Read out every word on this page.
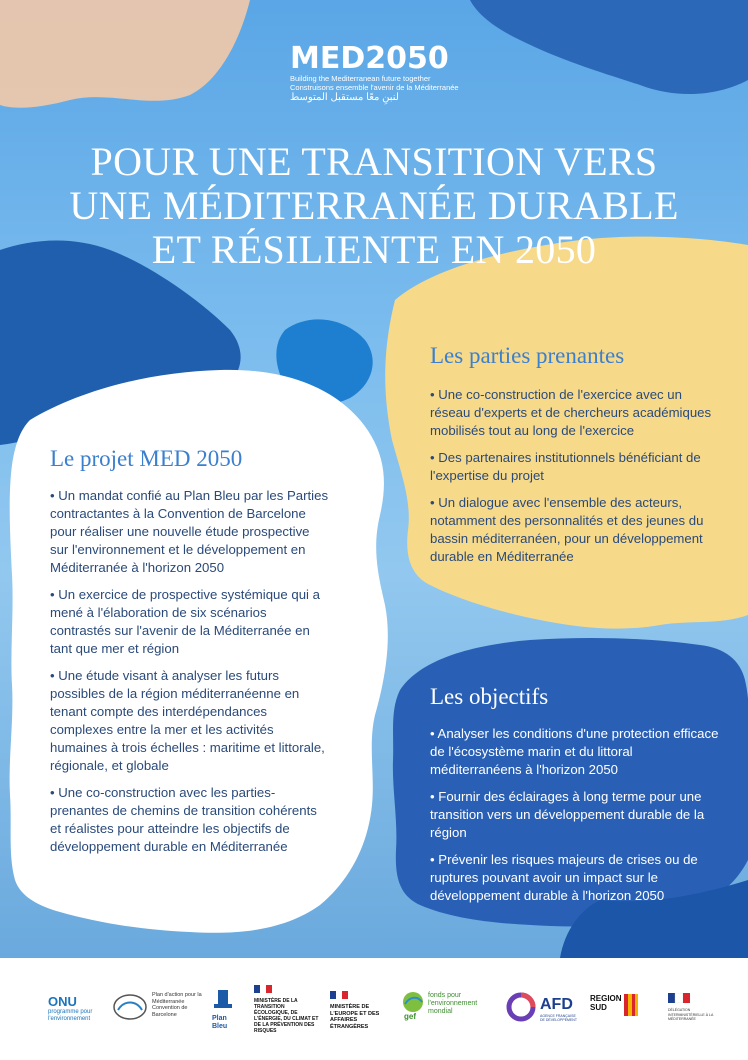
MED2050
Building the Mediterranean future together
Construisons ensemble l'avenir de la Méditerranée
لنبنِ معًا مستقبل المتوسط
POUR UNE TRANSITION VERS
UNE MÉDITERRANÉE DURABLE
ET RÉSILIENTE EN 2050
Les parties prenantes
• Une co-construction de l'exercice avec un réseau d'experts et de chercheurs académiques mobilisés tout au long de l'exercice
• Des partenaires institutionnels bénéficiant de l'expertise du projet
• Un dialogue avec l'ensemble des acteurs, notamment des personnalités et des jeunes du bassin méditerranéen, pour un développement durable en Méditerranée
Le projet MED 2050
• Un mandat confié au Plan Bleu par les Parties contractantes à la Convention de Barcelone pour réaliser une nouvelle étude prospective sur l'environnement et le développement en Méditerranée à l'horizon 2050
• Un exercice de prospective systémique qui a mené à l'élaboration de six scénarios contrastés sur l'avenir de la Méditerranée en tant que mer et région
• Une étude visant à analyser les futurs possibles de la région méditerranéenne en tenant compte des interdépendances complexes entre la mer et les activités humaines à trois échelles : maritime et littorale, régionale, et globale
• Une co-construction avec les parties-prenantes de chemins de transition cohérents et réalistes pour atteindre les objectifs de développement durable en Méditerranée
Les objectifs
• Analyser les conditions d'une protection efficace de l'écosystème marin et du littoral méditerranéens à l'horizon 2050
• Fournir des éclairages à long terme pour une transition vers un développement durable de la région
• Prévenir les risques majeurs de crises ou de ruptures pouvant avoir un impact sur le développement durable à l'horizon 2050
ONU
programme pour l'environnement
Plan d'action pour la Méditerranée Convention de Barcelone
Plan Bleu
MINISTÈRE DE LA TRANSITION ÉCOLOGIQUE, DE L'ÉNERGIE, DU CLIMAT ET DE LA PRÉVENTION DES RISQUES
MINISTÈRE DE L'EUROPE ET DES AFFAIRES ÉTRANGÈRES
gef
fonds pour l'environnement mondial	AFD
AGENCE FRANÇAISE DE DÉVELOPPEMENT
REGION SUD	DÉLÉGATION INTERMINISTÉRIELLE À LA MÉDITERRANÉE
